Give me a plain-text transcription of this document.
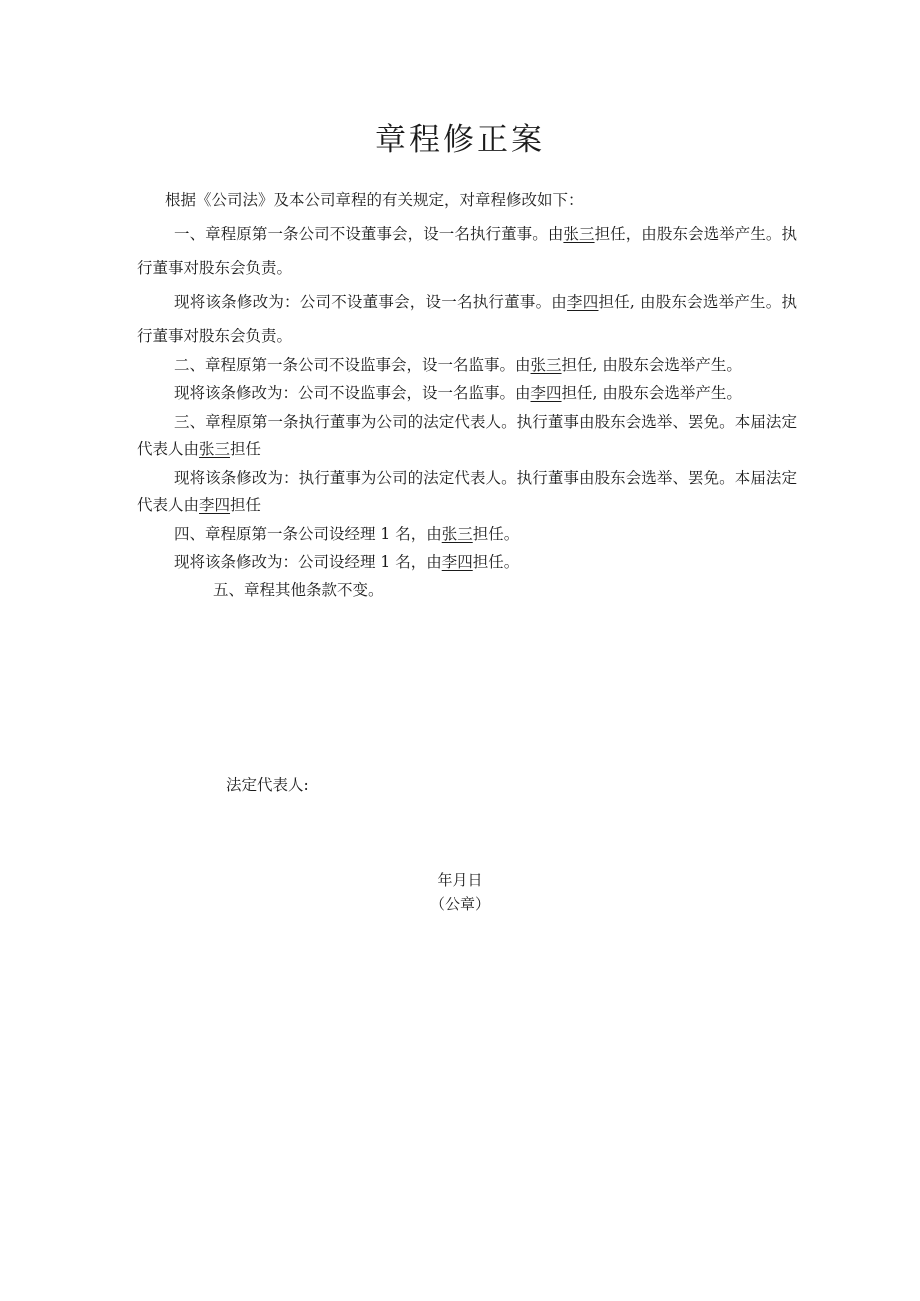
章程修正案

根据《公司法》及本公司章程的有关规定，对章程修改如下：

一、章程原第一条公司不设董事会，设一名执行董事。由张三担任，由股东会选举产生。执行董事对股东会负责。

现将该条修改为：公司不设董事会，设一名执行董事。由李四担任, 由股东会选举产生。执行董事对股东会负责。

二、章程原第一条公司不设监事会，设一名监事。由张三担任, 由股东会选举产生。

现将该条修改为：公司不设监事会，设一名监事。由李四担任, 由股东会选举产生。

三、章程原第一条执行董事为公司的法定代表人。执行董事由股东会选举、罢免。本届法定代表人由张三担任

现将该条修改为：执行董事为公司的法定代表人。执行董事由股东会选举、罢免。本届法定代表人由李四担任

四、章程原第一条公司设经理 1 名，由张三担任。

现将该条修改为：公司设经理 1 名，由李四担任。

五、章程其他条款不变。

法定代表人:
年月日
（公章）
